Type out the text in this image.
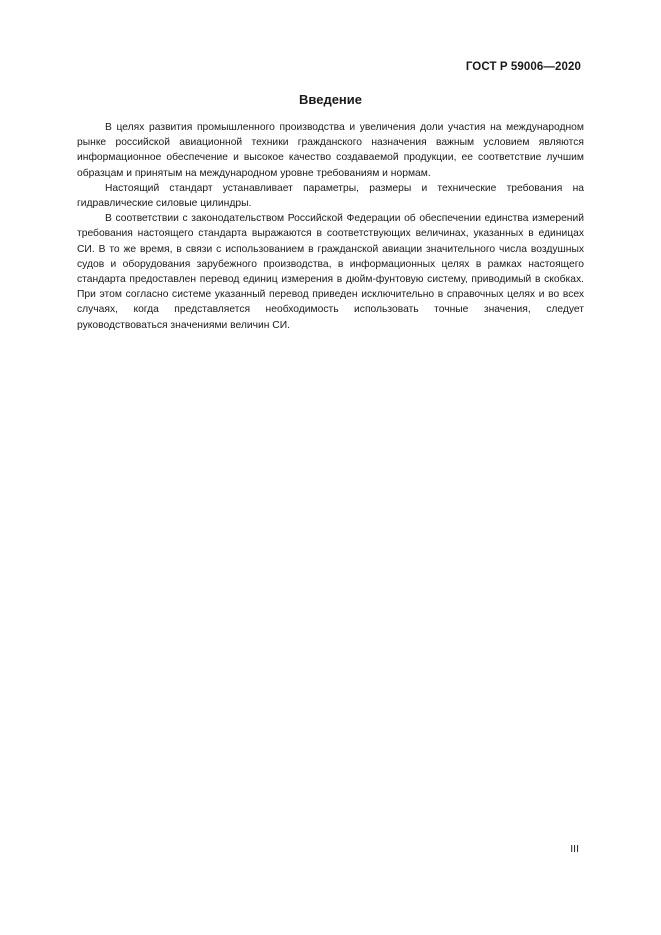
ГОСТ Р 59006—2020
Введение

В целях развития промышленного производства и увеличения доли участия на международном рынке российской авиационной техники гражданского назначения важным условием являются информационное обеспечение и высокое качество создаваемой продукции, ее соответствие лучшим образцам и принятым на международном уровне требованиям и нормам.

Настоящий стандарт устанавливает параметры, размеры и технические требования на гидравлические силовые цилиндры.

В соответствии с законодательством Российской Федерации об обеспечении единства измерений требования настоящего стандарта выражаются в соответствующих величинах, указанных в единицах СИ. В то же время, в связи с использованием в гражданской авиации значительного числа воздушных судов и оборудования зарубежного производства, в информационных целях в рамках настоящего стандарта предоставлен перевод единиц измерения в дюйм-фунтовую систему, приводимый в скобках. При этом согласно системе указанный перевод приведен исключительно в справочных целях и во всех случаях, когда представляется необходимость использовать точные значения, следует руководствоваться значениями величин СИ.

III
